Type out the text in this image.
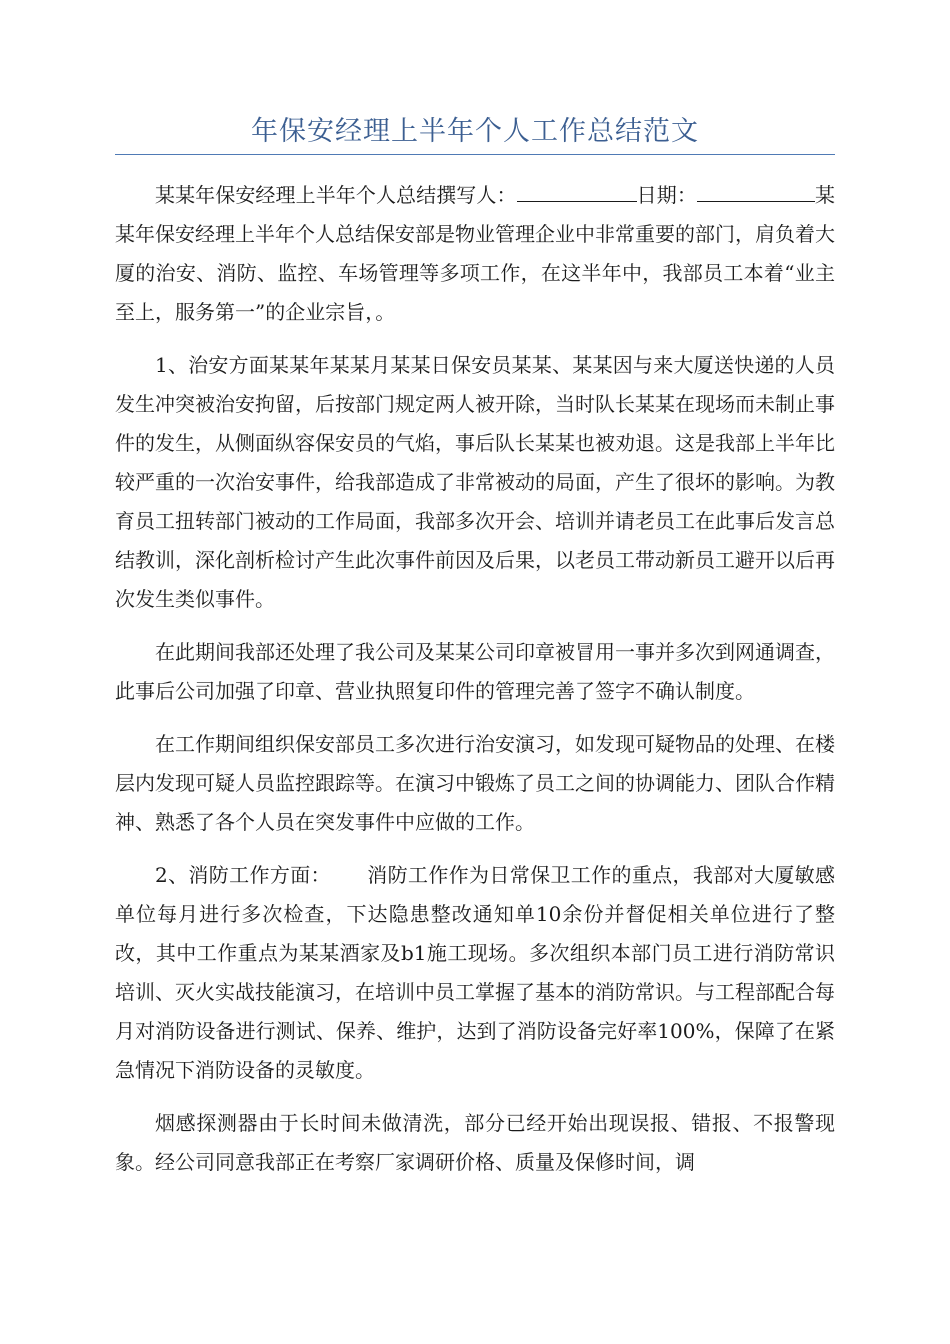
年保安经理上半年个人工作总结范文

某某年保安经理上半年个人总结撰写人：	日期：	某某年保安经理上半年个人总结保安部是物业管理企业中非常重要的部门，肩负着大厦的治安、消防、监控、车场管理等多项工作，在这半年中，我部员工本着“业主至上，服务第一”的企业宗旨，。

1、治安方面某某年某某月某某日保安员某某、某某因与来大厦送快递的人员发生冲突被治安拘留，后按部门规定两人被开除，当时队长某某在现场而未制止事件的发生，从侧面纵容保安员的气焰，事后队长某某也被劝退。这是我部上半年比较严重的一次治安事件，给我部造成了非常被动的局面，产生了很坏的影响。为教育员工扭转部门被动的工作局面，我部多次开会、培训并请老员工在此事后发言总结教训，深化剖析检讨产生此次事件前因及后果，以老员工带动新员工避开以后再次发生类似事件。

在此期间我部还处理了我公司及某某公司印章被冒用一事并多次到网通调查，此事后公司加强了印章、营业执照复印件的管理完善了签字不确认制度。

在工作期间组织保安部员工多次进行治安演习，如发现可疑物品的处理、在楼层内发现可疑人员监控跟踪等。在演习中锻炼了员工之间的协调能力、团队合作精神、熟悉了各个人员在突发事件中应做的工作。

2、消防工作方面： 消防工作作为日常保卫工作的重点，我部对大厦敏感单位每月进行多次检查，下达隐患整改通知单10余份并督促相关单位进行了整改，其中工作重点为某某酒家及b1施工现场。多次组织本部门员工进行消防常识培训、灭火实战技能演习，在培训中员工掌握了基本的消防常识。与工程部配合每月对消防设备进行测试、保养、维护，达到了消防设备完好率100%，保障了在紧急情况下消防设备的灵敏度。

烟感探测器由于长时间未做清洗，部分已经开始出现误报、错报、不报警现象。经公司同意我部正在考察厂家调研价格、质量及保修时间，调
